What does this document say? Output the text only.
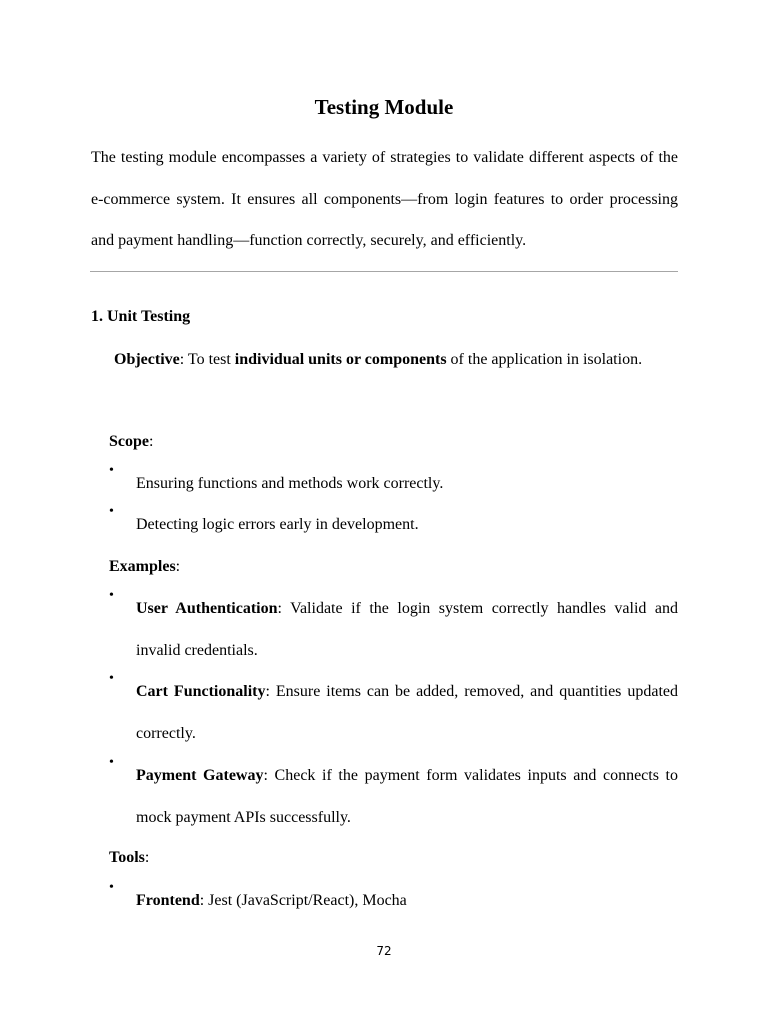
Testing Module
The testing module encompasses a variety of strategies to validate different aspects of the e-commerce system. It ensures all components—from login features to order processing and payment handling—function correctly, securely, and efficiently.
1. Unit Testing
Objective: To test individual units or components of the application in isolation.
Scope:
•
Ensuring functions and methods work correctly.
•
Detecting logic errors early in development.
Examples:
•
User Authentication: Validate if the login system correctly handles valid and invalid credentials.
•
Cart Functionality: Ensure items can be added, removed, and quantities updated correctly.
•
Payment Gateway: Check if the payment form validates inputs and connects to mock payment APIs successfully.
Tools:
•
Frontend: Jest (JavaScript/React), Mocha
72
